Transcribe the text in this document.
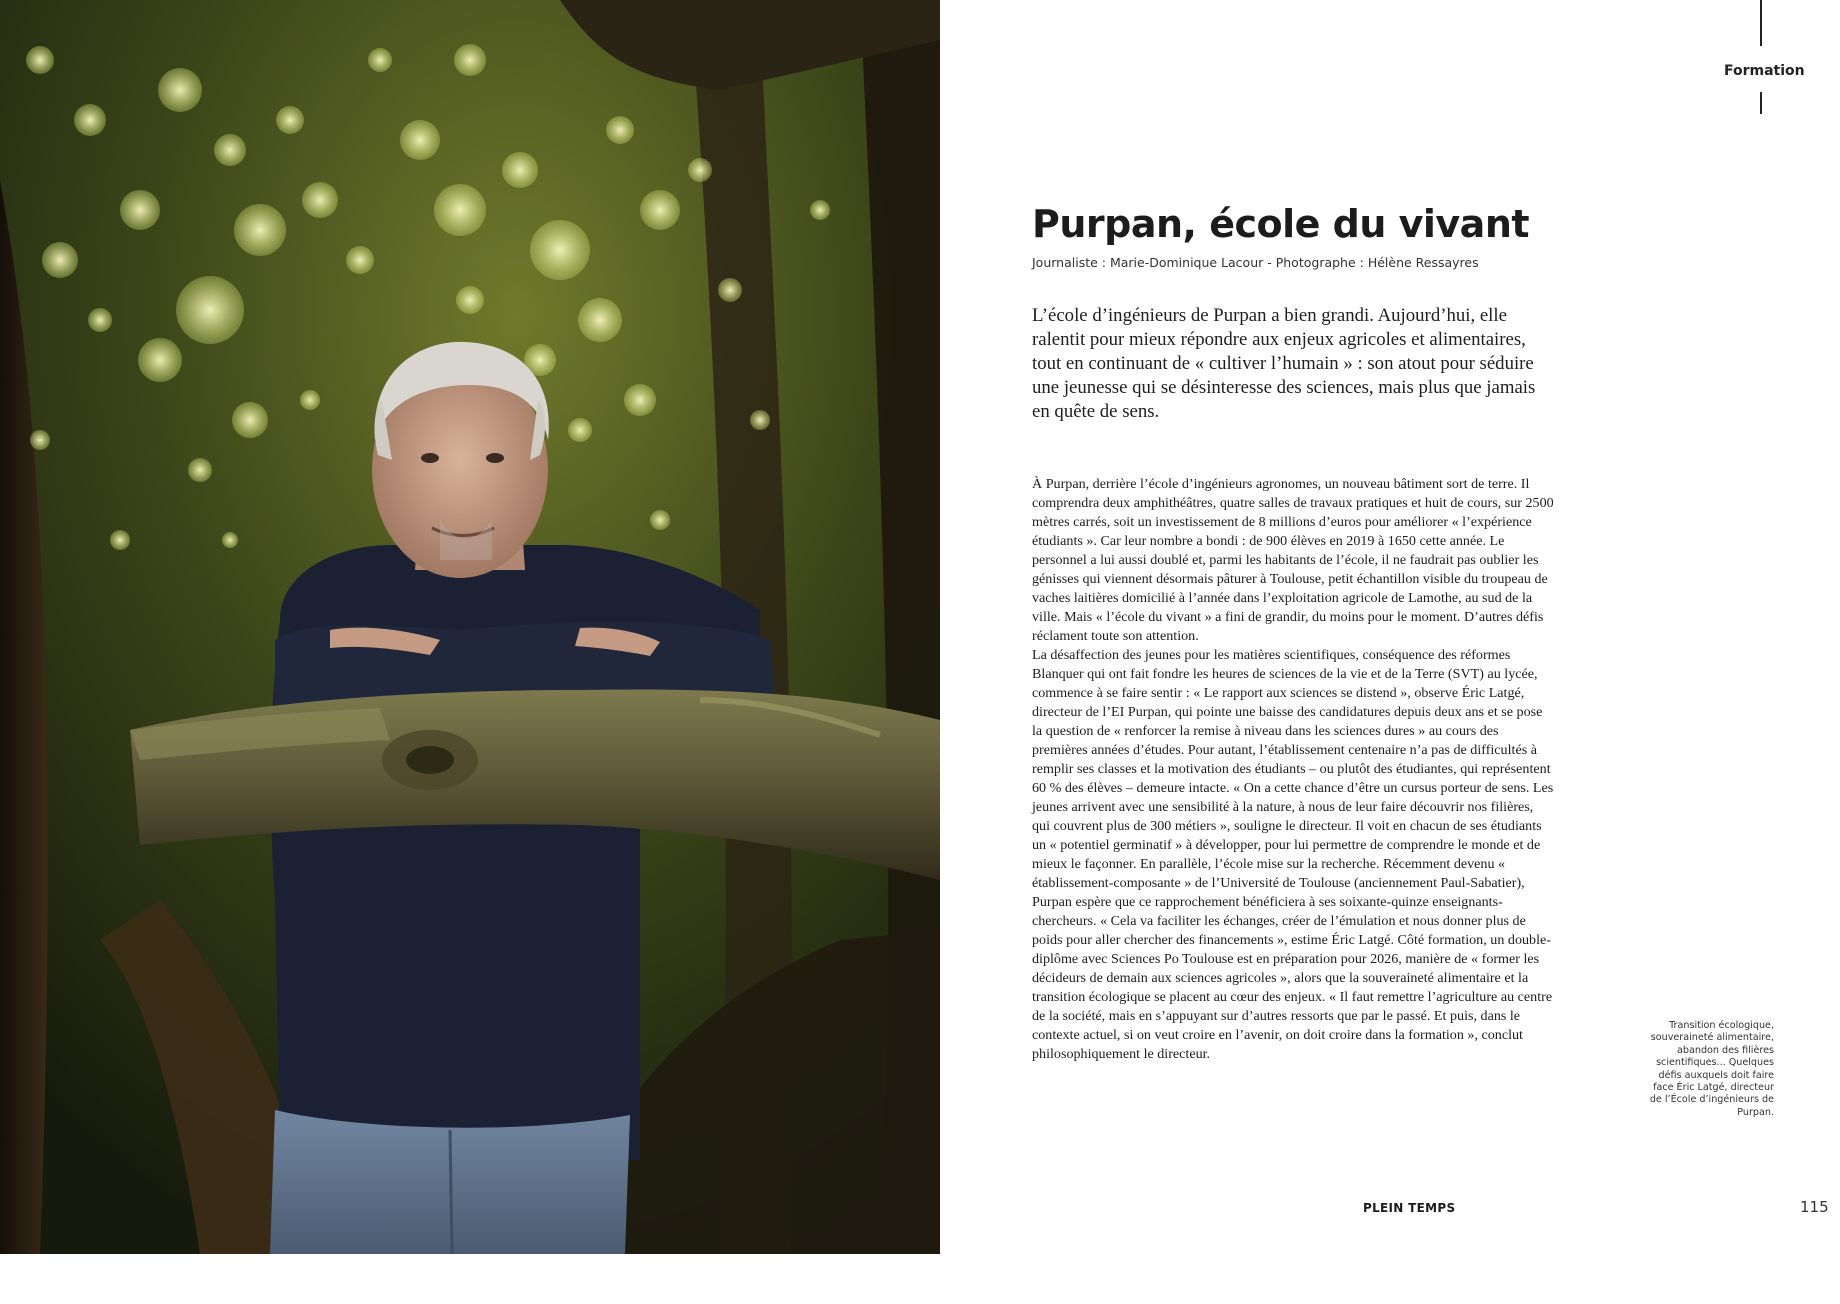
Formation
Purpan, école du vivant
Journaliste : Marie-Dominique Lacour - Photographe : Hélène Ressayres
L’école d’ingénieurs de Purpan a bien grandi. Aujourd’hui, elle ralentit pour mieux répondre aux enjeux agricoles et alimentaires, tout en continuant de « cultiver l’humain » : son atout pour séduire une jeunesse qui se désinteresse des sciences, mais plus que jamais en quête de sens.

À Purpan, derrière l’école d’ingénieurs agronomes, un nouveau bâtiment sort de terre. Il comprendra deux amphithéâtres, quatre salles de travaux pratiques et huit de cours, sur 2500 mètres carrés, soit un investissement de 8 millions d’euros pour améliorer « l’expérience étudiants ». Car leur nombre a bondi : de 900 élèves en 2019 à 1650 cette année. Le personnel a lui aussi doublé et, parmi les habitants de l’école, il ne faudrait pas oublier les génisses qui viennent désormais pâturer à Toulouse, petit échantillon visible du troupeau de vaches laitières domicilié à l’année dans l’exploitation agricole de Lamothe, au sud de la ville. Mais « l’école du vivant » a fini de grandir, du moins pour le moment. D’autres défis réclament toute son attention.

La désaffection des jeunes pour les matières scientifiques, conséquence des réformes Blanquer qui ont fait fondre les heures de sciences de la vie et de la Terre (SVT) au lycée, commence à se faire sentir : « Le rapport aux sciences se distend », observe Éric Latgé, directeur de l’EI Purpan, qui pointe une baisse des candidatures depuis deux ans et se pose la question de « renforcer la remise à niveau dans les sciences dures » au cours des premières années d’études. Pour autant, l’établissement centenaire n’a pas de difficultés à remplir ses classes et la motivation des étudiants – ou plutôt des étudiantes, qui représentent 60 % des élèves – demeure intacte. « On a cette chance d’être un cursus porteur de sens. Les jeunes arrivent avec une sensibilité à la nature, à nous de leur faire découvrir nos filières, qui couvrent plus de 300 métiers », souligne le directeur. Il voit en chacun de ses étudiants un « potentiel germinatif » à développer, pour lui permettre de comprendre le monde et de mieux le façonner. En parallèle, l’école mise sur la recherche. Récemment devenu « établissement-composante » de l’Université de Toulouse (anciennement Paul-Sabatier), Purpan espère que ce rapprochement bénéficiera à ses soixante-quinze enseignants-chercheurs. « Cela va faciliter les échanges, créer de l’émulation et nous donner plus de poids pour aller chercher des financements », estime Éric Latgé. Côté formation, un double-diplôme avec Sciences Po Toulouse est en préparation pour 2026, manière de « former les décideurs de demain aux sciences agricoles », alors que la souveraineté alimentaire et la transition écologique se placent au cœur des enjeux. « Il faut remettre l’agriculture au centre de la société, mais en s’appuyant sur d’autres ressorts que par le passé. Et puis, dans le contexte actuel, si on veut croire en l’avenir, on doit croire dans la formation », conclut philosophiquement le directeur.

Transition écologique, souveraineté alimentaire, abandon des filières scientifiques... Quelques défis auxquels doit faire face Éric Latgé, directeur de l’École d’ingénieurs de Purpan.
PLEIN TEMPS	115
